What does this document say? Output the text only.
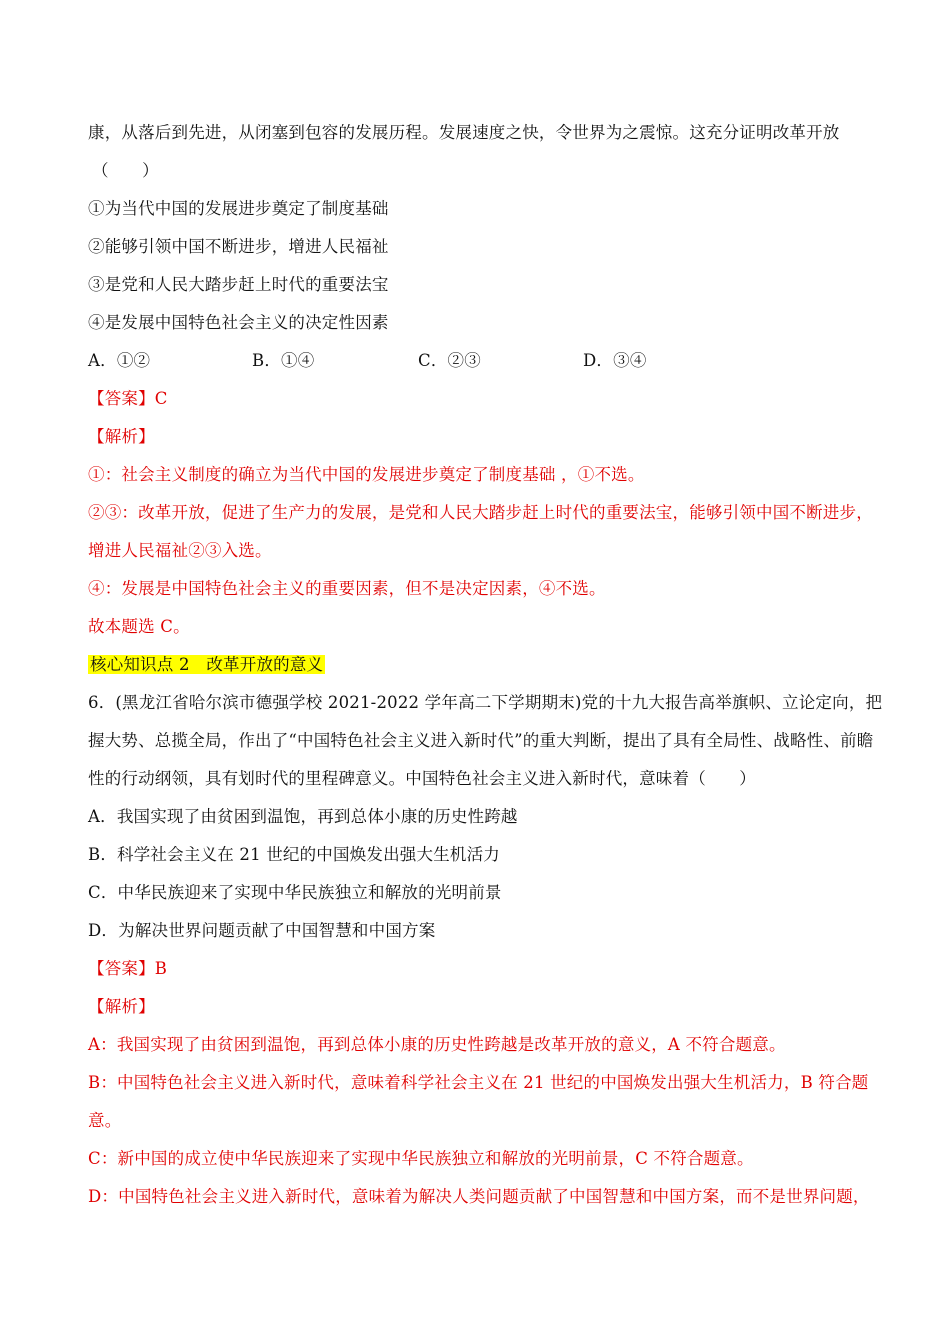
康，从落后到先进，从闭塞到包容的发展历程。发展速度之快，令世界为之震惊。这充分证明改革开放
（　　）
①为当代中国的发展进步奠定了制度基础
②能够引领中国不断进步，增进人民福祉
③是党和人民大踏步赶上时代的重要法宝
④是发展中国特色社会主义的决定性因素
A．①②	B．①④	C．②③	D．③④
【答案】C
【解析】
①：社会主义制度的确立为当代中国的发展进步奠定了制度基础 ，①不选。
②③：改革开放，促进了生产力的发展，是党和人民大踏步赶上时代的重要法宝，能够引领中国不断进步，
增进人民福祉②③入选。
④：发展是中国特色社会主义的重要因素，但不是决定因素，④不选。
故本题选 C。
核心知识点 2　改革开放的意义
6．(黑龙江省哈尔滨市德强学校 2021-2022 学年高二下学期期末)党的十九大报告高举旗帜、立论定向，把
握大势、总揽全局，作出了“中国特色社会主义进入新时代”的重大判断，提出了具有全局性、战略性、前瞻
性的行动纲领，具有划时代的里程碑意义。中国特色社会主义进入新时代，意味着（　　）
A．我国实现了由贫困到温饱，再到总体小康的历史性跨越
B．科学社会主义在 21 世纪的中国焕发出强大生机活力
C．中华民族迎来了实现中华民族独立和解放的光明前景
D．为解决世界问题贡献了中国智慧和中国方案
【答案】B
【解析】
A：我国实现了由贫困到温饱，再到总体小康的历史性跨越是改革开放的意义，A 不符合题意。
B：中国特色社会主义进入新时代，意味着科学社会主义在 21 世纪的中国焕发出强大生机活力，B 符合题
意。
C：新中国的成立使中华民族迎来了实现中华民族独立和解放的光明前景，C 不符合题意。
D：中国特色社会主义进入新时代，意味着为解决人类问题贡献了中国智慧和中国方案，而不是世界问题，
